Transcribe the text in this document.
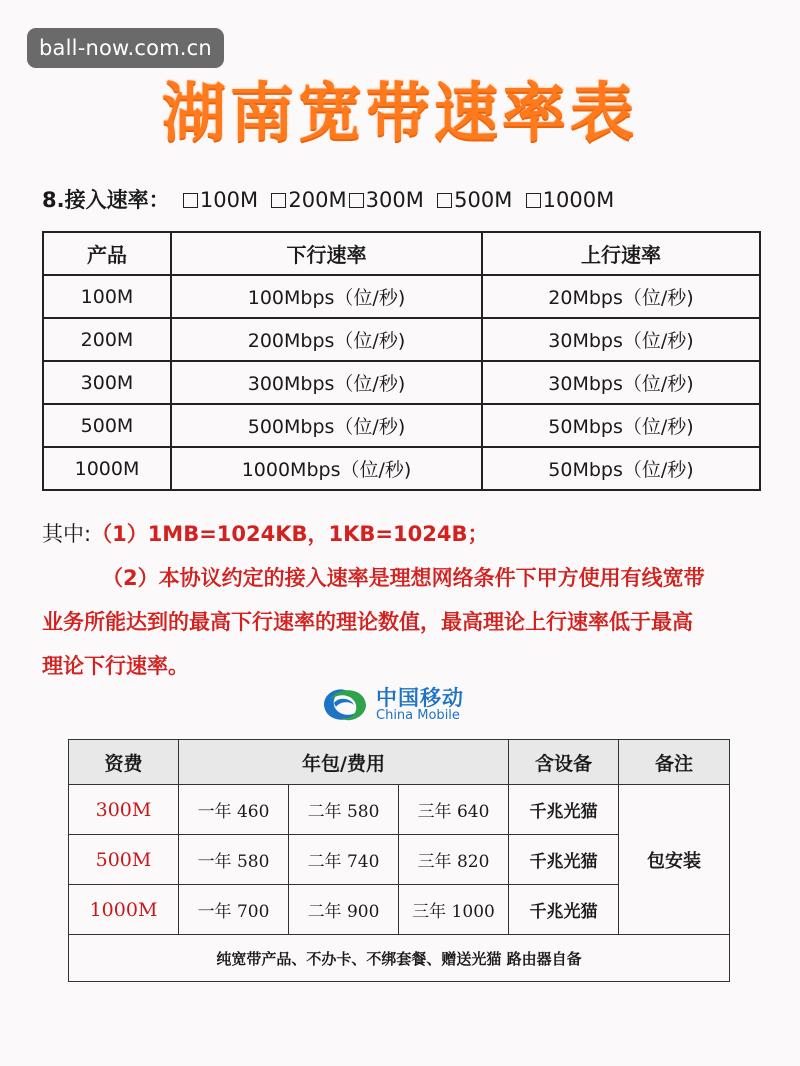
ball-now.com.cn
湖南宽带速率表
8.接入速率： 100M 200M 300M 500M 1000M
产品	下行速率	上行速率
100M	100Mbps（位/秒)	20Mbps（位/秒)
200M	200Mbps（位/秒)	30Mbps（位/秒)
300M	300Mbps（位/秒)	30Mbps（位/秒)
500M	500Mbps（位/秒)	50Mbps（位/秒)
1000M	1000Mbps（位/秒)	50Mbps（位/秒)
其中:（1）1MB=1024KB，1KB=1024B；
（2）本协议约定的接入速率是理想网络条件下甲方使用有线宽带
业务所能达到的最高下行速率的理论数值，最高理论上行速率低于最高
理论下行速率。
中国移动
China Mobile
资费	年包/费用			含设备	备注
300M	一年 460	二年 580	三年 640	千兆光猫	包安装
500M	一年 580	二年 740	三年 820	千兆光猫	
1000M	一年 700	二年 900	三年 1000	千兆光猫	
纯宽带产品、不办卡、不绑套餐、赠送光猫 路由器自备					
